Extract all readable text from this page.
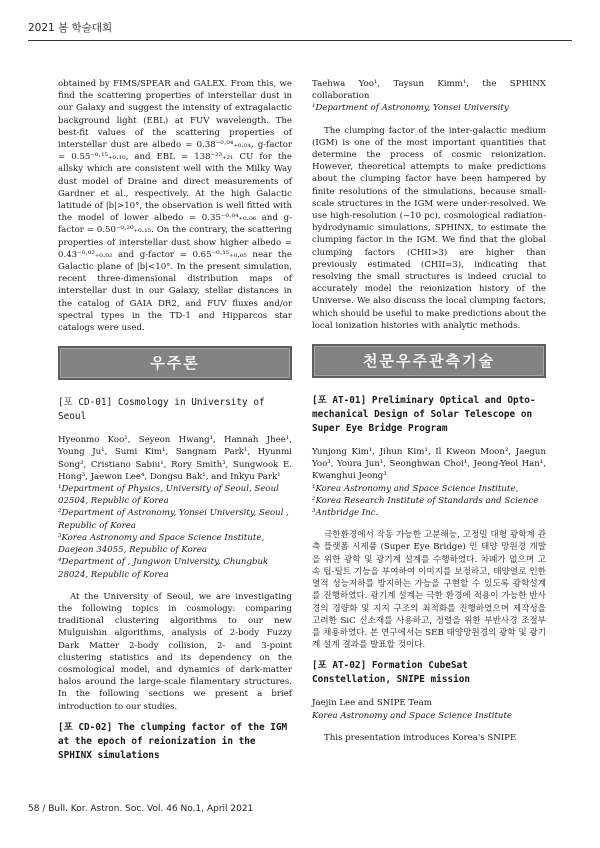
2021 봄 학술대회

obtained by FIMS/SPEAR and GALEX. From this, we find the scattering properties of interstellar dust in our Galaxy and suggest the intensity of extragalactic background light (EBL) at FUV wavelength. The best-fit values of the scattering properties of interstellar dust are albedo = 0.38⁻⁰·⁰⁴₊₀.₀₄, g-factor = 0.55⁻⁰·¹⁵₊₀.₁₀, and EBL = 138⁻²³₊₂₁ CU for the allsky which are consistent well with the Milky Way dust model of Draine and direct measurements of Gardner et al., respectively. At the high Galactic latitude of |b|>10°, the observation is well fitted with the model of lower albedo = 0.35⁻⁰·⁰⁴₊₀.₀₆ and g-factor = 0.50⁻⁰·²⁰₊₀.₁₅. On the contrary, the scattering properties of interstellar dust show higher albedo = 0.43⁻⁰·⁰²₊₀.₀₂ and g-factor = 0.65⁻⁰·¹⁵₊₀.₀₅ near the Galactic plane of |b|<10°. In the present simulation, recent three-dimensional distribution maps of interstellar dust in our Galaxy, stellar distances in the catalog of GAIA DR2, and FUV fluxes and/or spectral types in the TD-1 and Hipparcos star catalogs were used.

우주론
[포 CD-01] Cosmology in University of Seoul

Hyeonmo Koo¹, Seyeon Hwang¹, Hannah Jhee¹, Young Ju¹, Sumi Kim¹, Sangnam Park¹, Hyunmi Song², Cristiano Sabiu¹, Rory Smith³, Sungwook E. Hong³, Jaewon Lee⁴, Dongsu Bak¹, and Inkyu Park¹

¹Department of Physics, University of Seoul, Seoul 02504, Republic of Korea

²Department of Astronomy, Yonsei University, Seoul , Republic of Korea

³Korea Astronomy and Space Science Institute, Daejeon 34055, Republic of Korea

⁴Department of , Jungwon University, Chungbuk 28024, Republic of Korea

At the University of Seoul, we are investigating the following topics in cosmology: comparing traditional clustering algorithms to our new Mulguishin algorithms, analysis of 2-body Fuzzy Dark Matter 2-body collision, 2- and 3-point clustering statistics and its dependency on the cosmological model, and dynamics of dark-matter halos around the large-scale filamentary structures. In the following sections we present a brief introduction to our studies.

[포 CD-02] The clumping factor of the IGM at the epoch of reionization in the SPHINX simulations

Taehwa Yoo¹, Taysun Kimm¹, the SPHINX collaboration

¹Department of Astronomy, Yonsei University

The clumping factor of the inter-galactic medium (IGM) is one of the most important quantities that determine the process of cosmic reionization. However, theoretical attempts to make predictions about the clumping factor have been hampered by finite resolutions of the simulations, because small-scale structures in the IGM were under-resolved. We use high-resolution (~10 pc), cosmological radiation-hydrodynamic simulations, SPHINX, to estimate the clumping factor in the IGM. We find that the global clumping factors (CHII>3) are higher than previously estimated (CHII=3), indicating that resolving the small structures is indeed crucial to accurately model the reionization history of the Universe. We also discuss the local clumping factors, which should be useful to make predictions about the local ionization histories with analytic methods.

천문우주관측기술
[포 AT-01] Preliminary Optical and Opto-mechanical Design of Solar Telescope on Super Eye Bridge Program

Yunjong Kim¹, Jihun Kim¹, Il Kweon Moon², Jaegun Yoo³, Youra Jun¹, Seonghwan Choi¹, Jeong-Yeol Han¹, Kwanghui Jeong³

¹Korea Astronomy and Space Science Institute,

²Korea Research Institute of Standards and Science

³Antbridge Inc.

극한환경에서 작동 가능한 고분해능, 고정밀 대형 광학계 관측 플랫폼 시제품 (Super Eye Bridge) 인 태양 망원경 개발을 위한 광학 및 광기계 설계를 수행하였다. 차폐가 없으며 고속 팁-틸트 기능을 부여하여 이미지를 보정하고, 태양열로 인한 열적 성능저하를 방지하는 가능을 구현할 수 있도록 광학설계를 진행하였다. 광기계 설계는 극한 환경에 적용이 가능한 반사경의 경량화 및 지지 구조의 최적화를 진행하였으며 제작성을 고려한 SiC 신소재를 사용하고, 정렬을 위한 부반사경 조절부를 채용하였다. 본 연구에서는 SEB 태양망원경의 광학 및 광기계 설계 결과를 발표할 것이다.

[포 AT-02] Formation CubeSat Constellation, SNIPE mission

Jaejin Lee and SNIPE Team

Korea Astronomy and Space Science Institute

This presentation introduces Korea's SNIPE

58 / Bull. Kor. Astron. Soc. Vol. 46 No.1, April 2021
